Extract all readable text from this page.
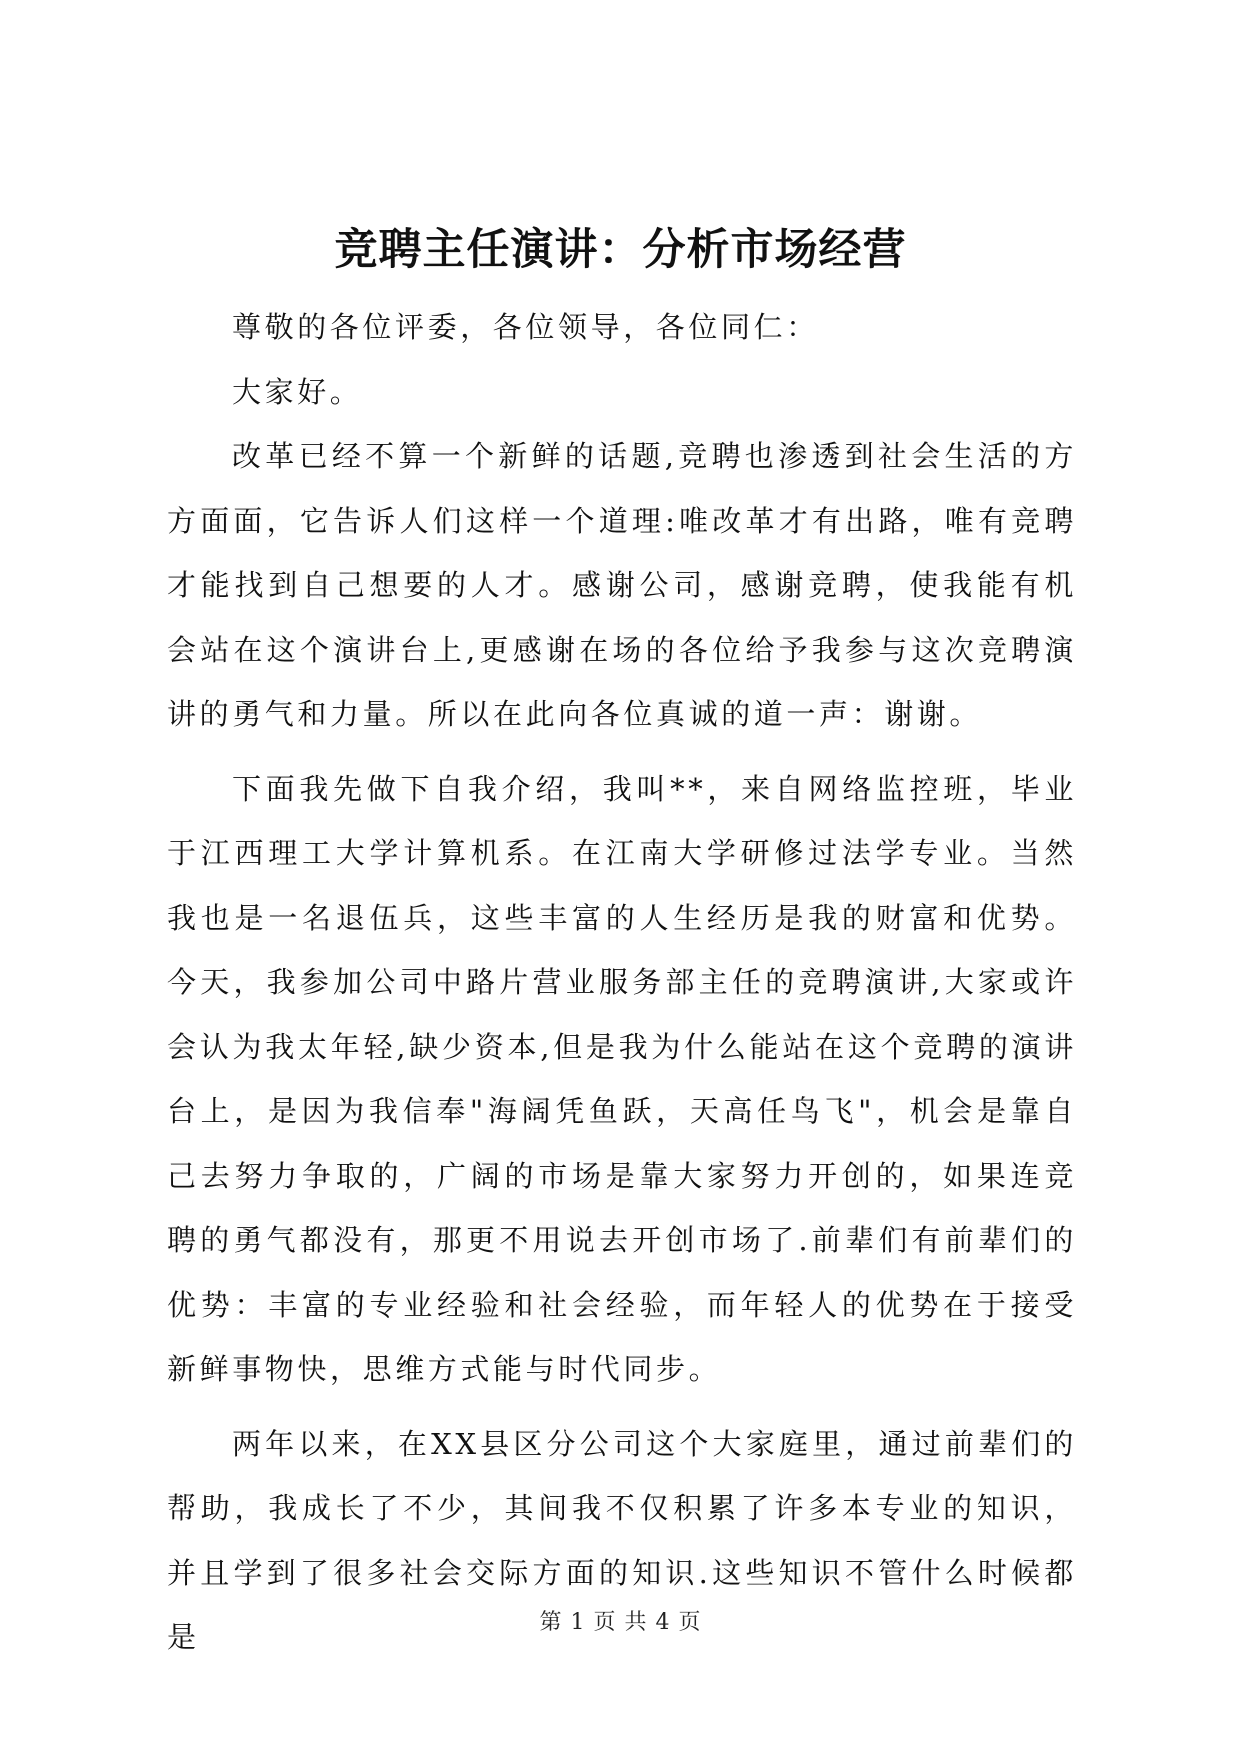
竞聘主任演讲：分析市场经营

尊敬的各位评委，各位领导，各位同仁：

大家好。

改革已经不算一个新鲜的话题,竞聘也渗透到社会生活的方方面面，它告诉人们这样一个道理:唯改革才有出路，唯有竞聘才能找到自己想要的人才。感谢公司，感谢竞聘，使我能有机会站在这个演讲台上,更感谢在场的各位给予我参与这次竞聘演讲的勇气和力量。所以在此向各位真诚的道一声：谢谢。

下面我先做下自我介绍，我叫**，来自网络监控班，毕业于江西理工大学计算机系。在江南大学研修过法学专业。当然我也是一名退伍兵，这些丰富的人生经历是我的财富和优势。今天，我参加公司中路片营业服务部主任的竞聘演讲,大家或许会认为我太年轻,缺少资本,但是我为什么能站在这个竞聘的演讲台上，是因为我信奉"海阔凭鱼跃，天高任鸟飞"，机会是靠自己去努力争取的，广阔的市场是靠大家努力开创的，如果连竞聘的勇气都没有，那更不用说去开创市场了.前辈们有前辈们的优势：丰富的专业经验和社会经验，而年轻人的优势在于接受新鲜事物快，思维方式能与时代同步。

两年以来，在XX县区分公司这个大家庭里，通过前辈们的帮助，我成长了不少，其间我不仅积累了许多本专业的知识，并且学到了很多社会交际方面的知识.这些知识不管什么时候都是	第 1 页 共 4 页
